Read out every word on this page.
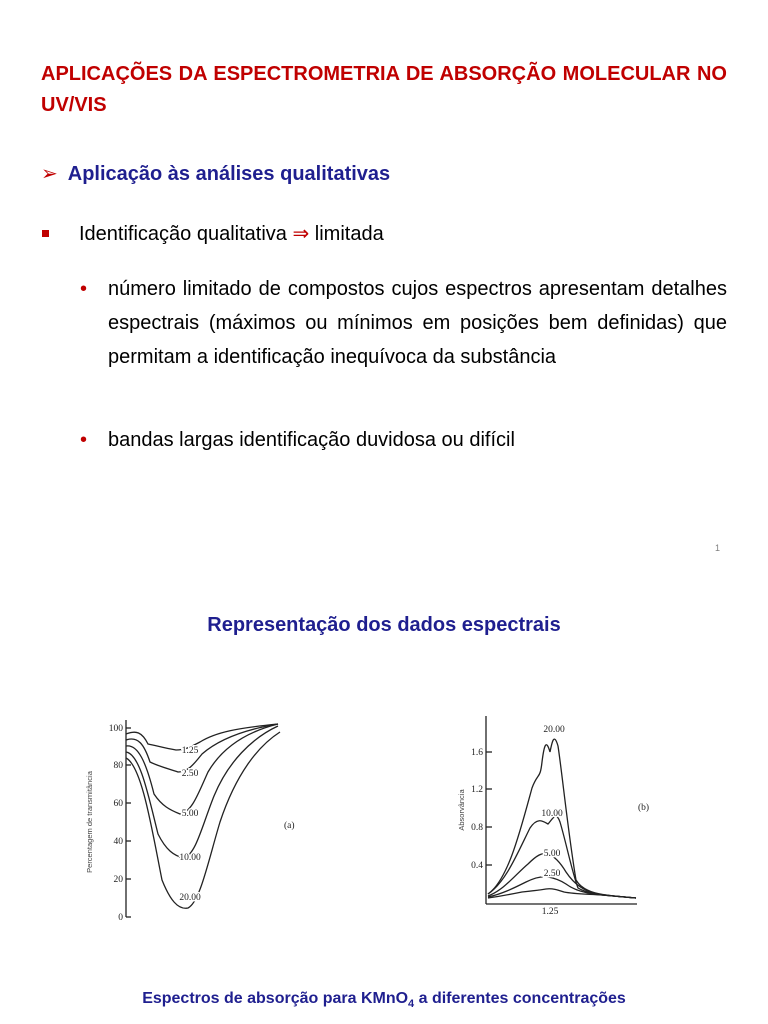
APLICAÇÕES DA ESPECTROMETRIA DE ABSORÇÃO MOLECULAR NO UV/VIS
➢ Aplicação às análises qualitativas
Identificação qualitativa ⇒ limitada
• número limitado de compostos cujos espectros apresentam detalhes espectrais (máximos ou mínimos em posições bem definidas) que permitam a identificação inequívoca da substância
• bandas largas identificação duvidosa ou difícil
1
Representação dos dados espectrais
100
80
60
40
20
0
1.25
2.50
5.00
10.00
20.00
(a)
Percentagem de transmitância
1.6
1.2
0.8
0.4
20.00
10.00
5.00
2.50
1.25
(b)
Absorvância
Espectros de absorção para KMnO$_4$ a diferentes concentrações
